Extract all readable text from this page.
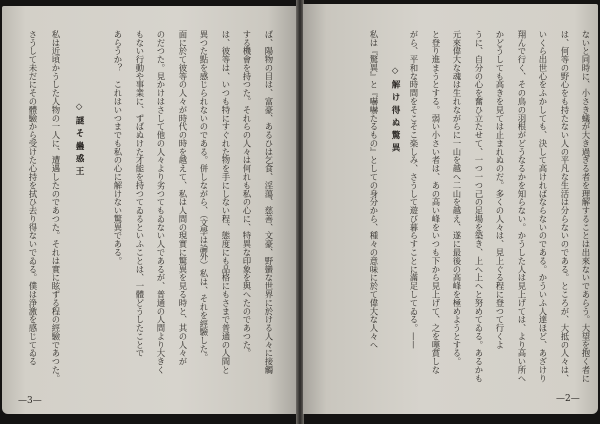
ば、陽物の目は、富豪、あるひは乞食、淫蕩、慈善、文豪、野蠻な世界に於ける人々に接觸
する機會を持つた。それらの人々は何れも私の心に、特異な印象を與へたのであつた。
は、彼等は、いつも特にすぐれた物を手にしない程、態度にも品格にもさまで普通の人間と
異つた點を感じられないのである。併しながら、（文學は論外）私は、それを經驗した。
面に於て彼等の人々が時代の時を越えて、私は人間の現實に驚異を見る時と、其の人々が
のだつた。見かけはさして他の人々より劣つてもゐない人であるが、普通の人間より大きく
もない行動や事業に、ずばぬけた才能を持つてゐるといふことは、一體どうしたことで
あらうか？　これはいつまでも私の心に解けない驚異である。
◇謎そ蠱惑王
私は近頃かうした人物の一人に、遭遇したのであつた。それは實に眩ずる程の經驗であつた。
さうして未だにその體驗から受けた心持を拭ひ去り得ないでゐる。僕は浄激を感じてゐる
—3—
ないと同時に、小さき蟻が大き過ぎる者を理解することは出來ないであらう。大望を抱く者に
は、何等の野心をも持たない人の平凡な生活は分らないのである。ところが、大抵の人々は、
いくら出世心をふかしても、決して高ければならないのである。かういふ人達ほど、あざけり
翔んで行く、その鳥の羽根がどうなるかを知らない。かうした人は見上げては、より高い所へ
かどうしても高きを見ては止まれぬのだ。多くの人々は、見上ぐる程に登つて行くよ
うに、自分の心を奮ひ立たせて、一つ一つ己の足場を築き、上へ上へと努めてゐる。あるかも
元來偉大な魂は生れながらに一山を越へ二山を越え、遂に最後の高峰を極めようとする。
と登り進まうとする。弱い小さい者は、あの高い峰をいつも下から見上げて、之を嘆賞しな
がら、平和な時間をそこそこ楽しみ、さうして遊び暮らすことに滿足してゐる。——
◇解け得ぬ驚異
私は『驚異』と『嚇嚇たるもの』としての身分から、種々の意味に於て偉大な人々へ
—2—
